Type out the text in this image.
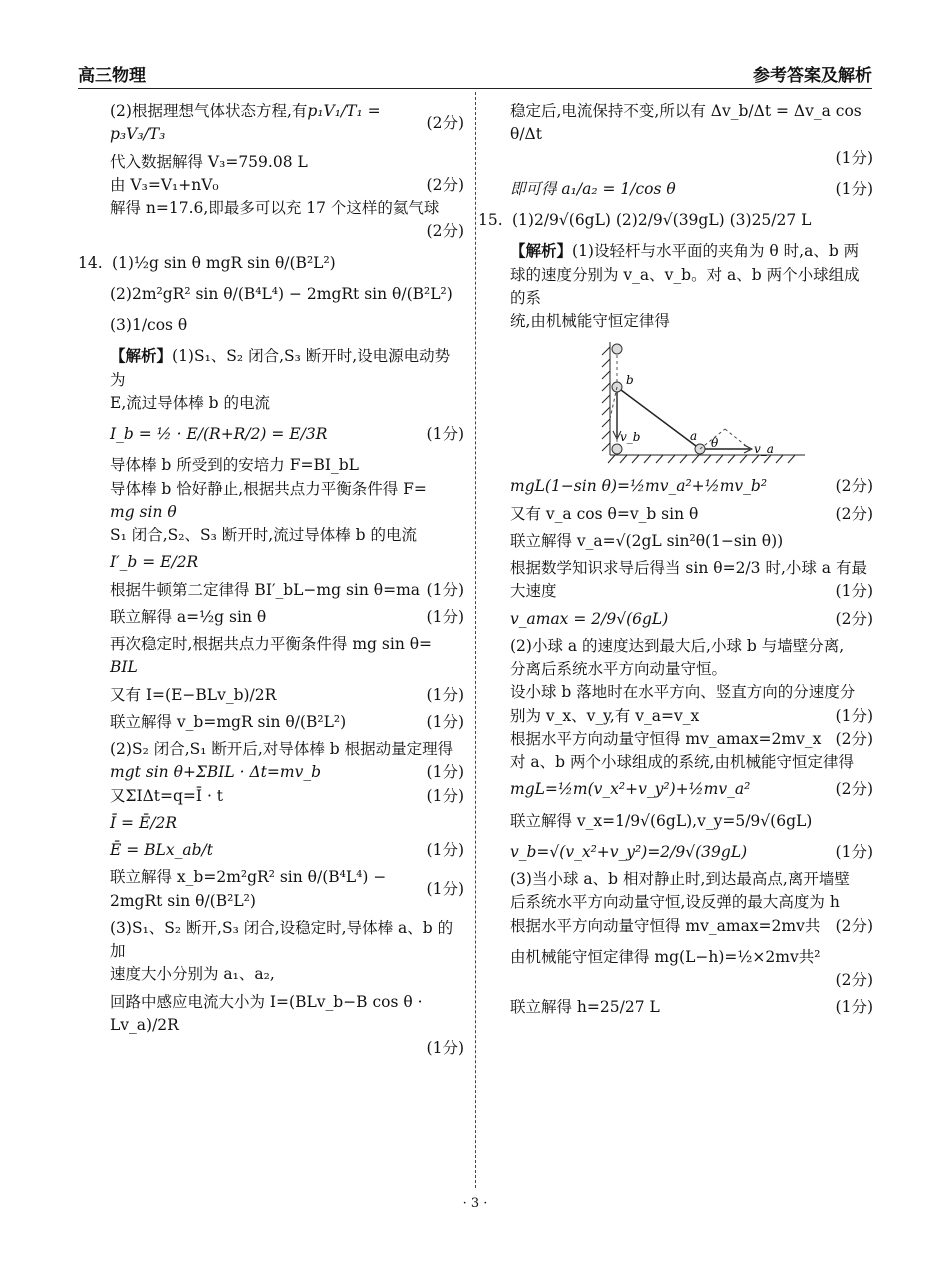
高三物理	参考答案及解析
(2)根据理想气体状态方程,有p₁V₁/T₁ = p₃V₃/T₃
(2分)
代入数据解得 V₃=759.08 L
由 V₃=V₁+nV₀	(2分)
解得 n=17.6,即最多可以充 17 个这样的氦气球
(2分)
14. (1)½g sin θ mgR sin θ/(B²L²)
(2)2m²gR² sin θ/(B⁴L⁴) − 2mgRt sin θ/(B²L²)
(3)1/cos θ
【解析】(1)S₁、S₂ 闭合,S₃ 断开时,设电源电动势为
E,流过导体棒 b 的电流
I_b = ½ · E/(R+R/2) = E/3R	(1分)
导体棒 b 所受到的安培力 F=BI_bL
导体棒 b 恰好静止,根据共点力平衡条件得 F=
mg sin θ
S₁ 闭合,S₂、S₃ 断开时,流过导体棒 b 的电流
I′_b = E/2R
根据牛顿第二定律得 BI′_bL−mg sin θ=ma (1分)
联立解得 a=½g sin θ	(1分)
再次稳定时,根据共点力平衡条件得 mg sin θ=
BIL
又有 I=(E−BLv_b)/2R	(1分)
联立解得 v_b=mgR sin θ/(B²L²)	(1分)
(2)S₂ 闭合,S₁ 断开后,对导体棒 b 根据动量定理得
mgt sin θ+ΣBIL · Δt=mv_b	(1分)
又ΣIΔt=q=Ī · t	(1分)
Ī = Ē/2R
Ē = BLx_ab/t	(1分)
联立解得 x_b=2m²gR² sin θ/(B⁴L⁴) − 2mgRt sin θ/(B²L²)
(1分)
(3)S₁、S₂ 断开,S₃ 闭合,设稳定时,导体棒 a、b 的加
速度大小分别为 a₁、a₂,
回路中感应电流大小为 I=(BLv_b−B cos θ · Lv_a)/2R
(1分)
稳定后,电流保持不变,所以有 Δv_b/Δt = Δv_a cos θ/Δt
(1分)
即可得 a₁/a₂ = 1/cos θ	(1分)
15. (1)2/9√(6gL) (2)2/9√(39gL) (3)25/27 L
【解析】(1)设轻杆与水平面的夹角为 θ 时,a、b 两
球的速度分别为 v_a、v_b。对 a、b 两个小球组成的系
统,由机械能守恒定律得
b
a
v_b
v_a
θ
mgL(1−sin θ)=½mv_a²+½mv_b²	(2分)
又有 v_a cos θ=v_b sin θ	(2分)
联立解得 v_a=√(2gL sin²θ(1−sin θ))
根据数学知识求导后得当 sin θ=2/3 时,小球 a 有最
大速度	(1分)
v_amax = 2/9√(6gL)	(2分)
(2)小球 a 的速度达到最大后,小球 b 与墙壁分离,
分离后系统水平方向动量守恒。
设小球 b 落地时在水平方向、竖直方向的分速度分
别为 v_x、v_y,有 v_a=v_x	(1分)
根据水平方向动量守恒得 mv_amax=2mv_x (2分)
对 a、b 两个小球组成的系统,由机械能守恒定律得
mgL=½m(v_x²+v_y²)+½mv_a²	(2分)
联立解得 v_x=1/9√(6gL),v_y=5/9√(6gL)
v_b=√(v_x²+v_y²)=2/9√(39gL)	(1分)
(3)当小球 a、b 相对静止时,到达最高点,离开墙壁
后系统水平方向动量守恒,设反弹的最大高度为 h
根据水平方向动量守恒得 mv_amax=2mv共 (2分)
由机械能守恒定律得 mg(L−h)=½×2mv共²
(2分)
联立解得 h=25/27 L	(1分)
· 3 ·
